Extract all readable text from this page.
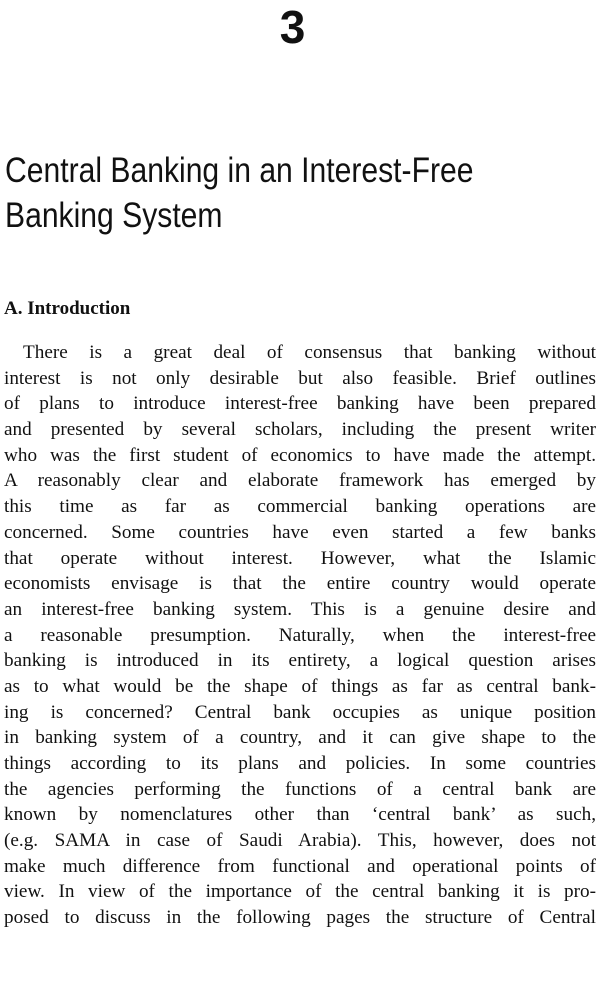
3
Central Banking in an Interest-Free
Banking System
A. Introduction
There is a great deal of consensus that banking without
interest is not only desirable but also feasible. Brief outlines
of plans to introduce interest-free banking have been prepared
and presented by several scholars, including the present writer
who was the first student of economics to have made the attempt.
A reasonably clear and elaborate framework has emerged by
this time as far as commercial banking operations are
concerned. Some countries have even started a few banks
that operate without interest. However, what the Islamic
economists envisage is that the entire country would operate
an interest-free banking system. This is a genuine desire and
a reasonable presumption. Naturally, when the interest-free
banking is introduced in its entirety, a logical question arises
as to what would be the shape of things as far as central bank-
ing is concerned? Central bank occupies as unique position
in banking system of a country, and it can give shape to the
things according to its plans and policies. In some countries
the agencies performing the functions of a central bank are
known by nomenclatures other than ‘central bank’ as such,
(e.g. SAMA in case of Saudi Arabia). This, however, does not
make much difference from functional and operational points of
view. In view of the importance of the central banking it is pro-
posed to discuss in the following pages the structure of Central
